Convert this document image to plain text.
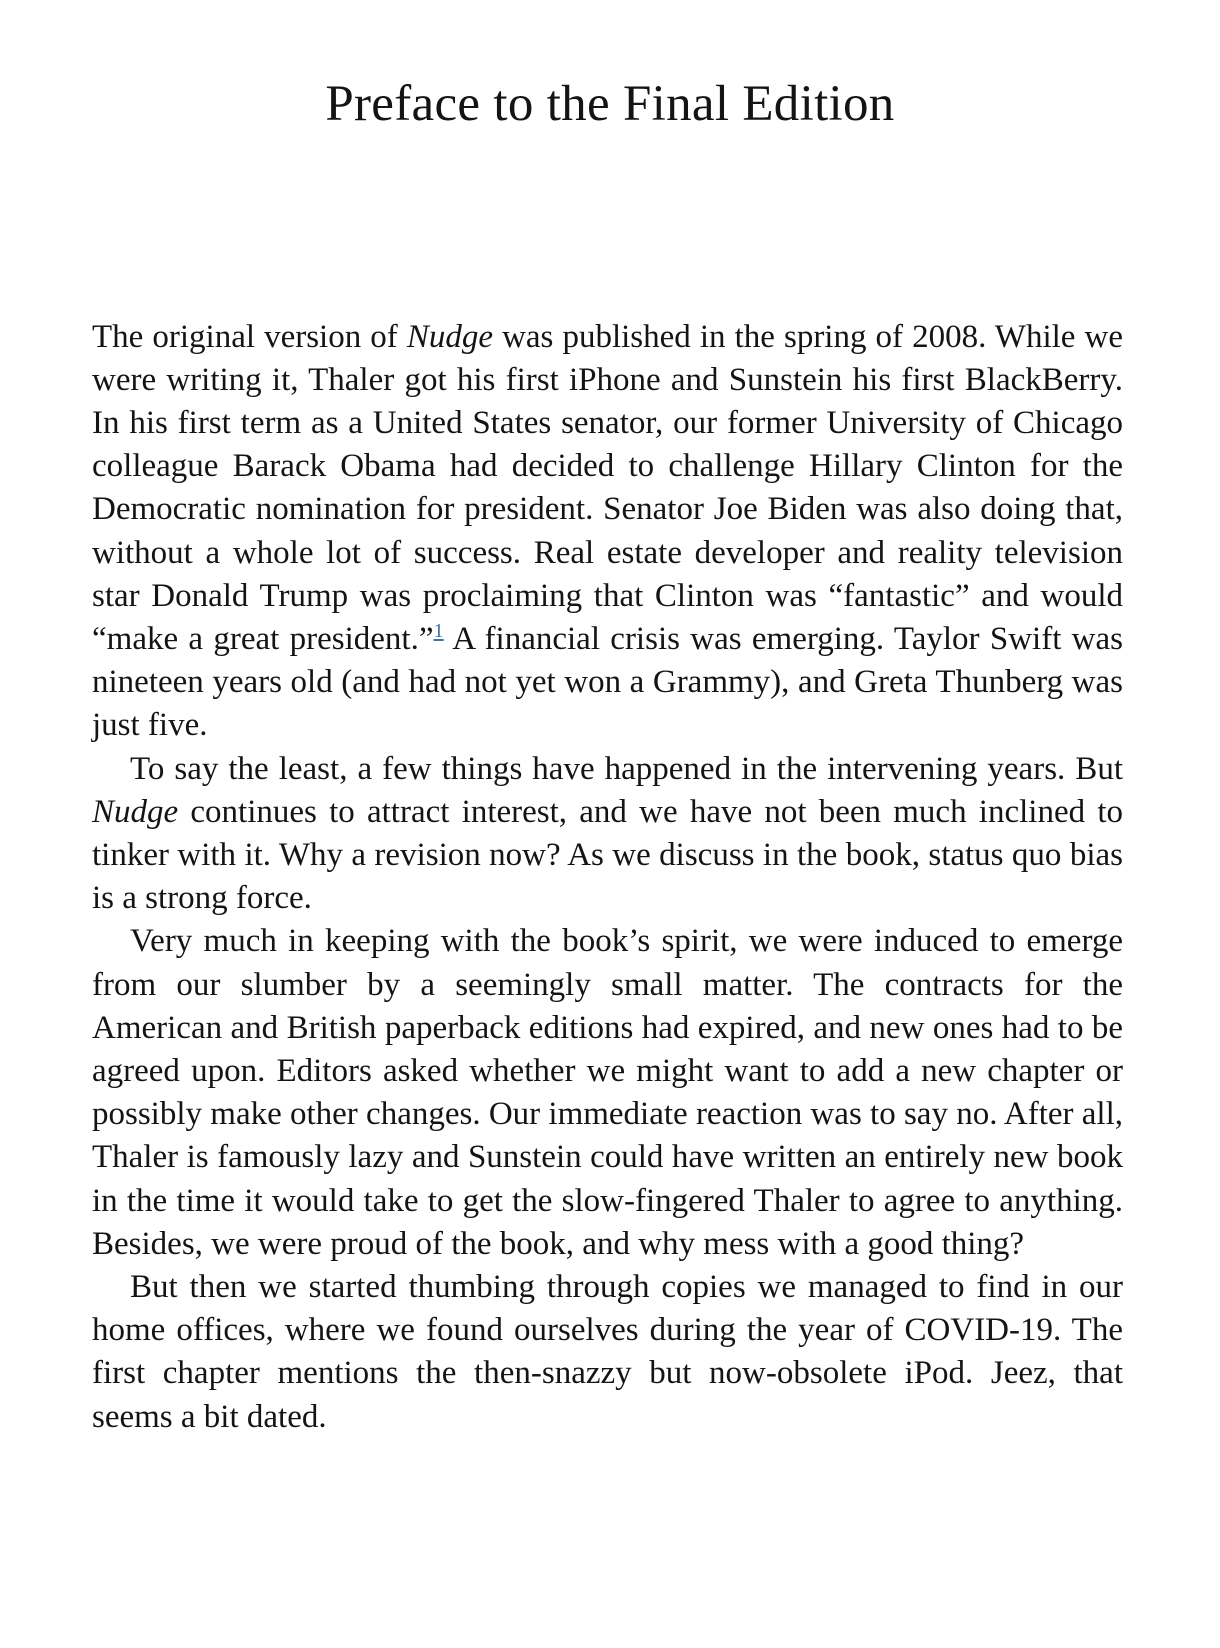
Preface to the Final Edition

The original version of Nudge was published in the spring of 2008. While we were writing it, Thaler got his first iPhone and Sunstein his first BlackBerry. In his first term as a United States senator, our former University of Chicago colleague Barack Obama had decided to challenge Hillary Clinton for the Democratic nomination for president. Senator Joe Biden was also doing that, without a whole lot of success. Real estate developer and reality television star Donald Trump was proclaiming that Clinton was “fantastic” and would “make a great president.”$^1$ A financial crisis was emerging. Taylor Swift was nineteen years old (and had not yet won a Grammy), and Greta Thunberg was just five.

To say the least, a few things have happened in the intervening years. But Nudge continues to attract interest, and we have not been much inclined to tinker with it. Why a revision now? As we discuss in the book, status quo bias is a strong force.

Very much in keeping with the book’s spirit, we were induced to emerge from our slumber by a seemingly small matter. The contracts for the American and British paperback editions had expired, and new ones had to be agreed upon. Editors asked whether we might want to add a new chapter or possibly make other changes. Our immediate reaction was to say no. After all, Thaler is famously lazy and Sunstein could have written an entirely new book in the time it would take to get the slow-fingered Thaler to agree to anything. Besides, we were proud of the book, and why mess with a good thing?

But then we started thumbing through copies we managed to find in our home offices, where we found ourselves during the year of COVID-19. The first chapter mentions the then-snazzy but now-obsolete iPod. Jeez, that seems a bit dated.
